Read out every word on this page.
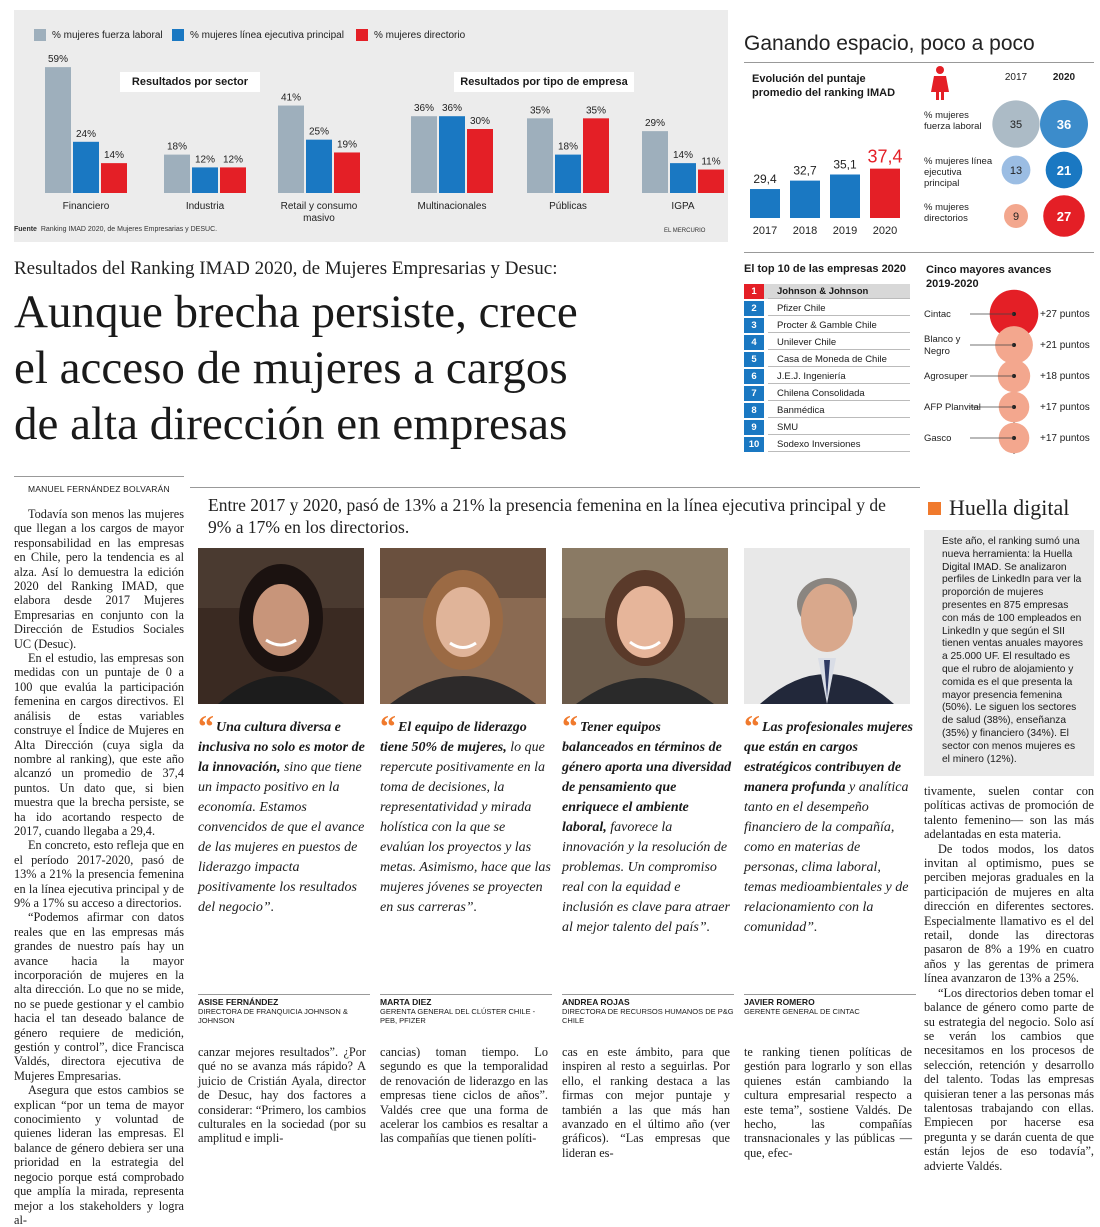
59%
24%
14%
Financiero
18%
12% 12%
Industria
41%
25%
19%
Retail y consumo
masivo
36% 36%
30%
Multinacionales
35%
18%
35%
Públicas
29%
14%
11%
IGPA
% mujeres fuerza laboral	% mujeres línea ejecutiva principal	% mujeres directorio
Resultados por sector	Resultados por tipo de empresa
Fuente Ranking IMAD 2020, de Mujeres Empresarias y DESUC.	EL MERCURIO
Ganando espacio, poco a poco
Evolución del puntaje promedio del ranking IMAD
29,4
2017
32,7
2018
35,1
2019
37,4
2020
2017	2020
35	36
% mujeres
fuerza laboral
13	21
% mujeres línea
ejecutiva
principal
9	27
% mujeres
directorios
El top 10 de las empresas 2020
1	Johnson & Johnson
2	Pfizer Chile
3	Procter & Gamble Chile
4	Unilever Chile
5	Casa de Moneda de Chile
6	J.E.J. Ingeniería
7	Chilena Consolidada
8	Banmédica
9	SMU
10	Sodexo Inversiones
Cinco mayores avances
2019-2020
Cintac	+27 puntos
Blanco y
Negro
+21 puntos
Agrosuper	+18 puntos
AFP Planvital	+17 puntos
Gasco	+17 puntos
Resultados del Ranking IMAD 2020, de Mujeres Empresarias y Desuc:
Aunque brecha persiste, crece
el acceso de mujeres a cargos
de alta dirección en empresas
MANUEL FERNÁNDEZ BOLVARÁN
Entre 2017 y 2020, pasó de 13% a 21% la presencia femenina en la línea ejecutiva principal y de 9% a 17% en los directorios.

Todavía son menos las mujeres que llegan a los cargos de mayor responsabilidad en las empresas en Chile, pero la tendencia es al alza. Así lo demuestra la edición 2020 del Ranking IMAD, que elabora desde 2017 Mujeres Empresarias en conjunto con la Dirección de Estudios Sociales UC (Desuc).

En el estudio, las empresas son medidas con un puntaje de 0 a 100 que evalúa la participación femenina en cargos directivos. El análisis de estas variables construye el Índice de Mujeres en Alta Dirección (cuya sigla da nombre al ranking), que este año alcanzó un promedio de 37,4 puntos. Un dato que, si bien muestra que la brecha persiste, se ha ido acortando respecto de 2017, cuando llegaba a 29,4.

En concreto, esto refleja que en el período 2017-2020, pasó de 13% a 21% la presencia femenina en la línea ejecutiva principal y de 9% a 17% su acceso a directorios.

“Podemos afirmar con datos reales que en las empresas más grandes de nuestro país hay un avance hacia la mayor incorporación de mujeres en la alta dirección. Lo que no se mide, no se puede gestionar y el cambio hacia el tan deseado balance de género requiere de medición, gestión y control”, dice Francisca Valdés, directora ejecutiva de Mujeres Empresarias.

Asegura que estos cambios se explican “por un tema de mayor conocimiento y voluntad de quienes lideran las empresas. El balance de género debiera ser una prioridad en la estrategia del negocio porque está comprobado que amplía la mirada, representa mejor a los stakeholders y logra al-

“ Una cultura diversa e inclusiva no solo es motor de la innovación, sino que tiene un impacto positivo en la economía. Estamos convencidos de que el avance de las mujeres en puestos de liderazgo impacta positivamente los resultados del negocio”.
“ El equipo de liderazgo tiene 50% de mujeres, lo que repercute positivamente en la toma de decisiones, la representatividad y mirada holística con la que se evalúan los proyectos y las metas. Asimismo, hace que las mujeres jóvenes se proyecten en sus carreras”.
“ Tener equipos balanceados en términos de género aporta una diversidad de pensamiento que enriquece el ambiente laboral, favorece la innovación y la resolución de problemas. Un compromiso real con la equidad e inclusión es clave para atraer al mejor talento del país”.
“ Las profesionales mujeres que están en cargos estratégicos contribuyen de manera profunda y analítica tanto en el desempeño financiero de la compañía, como en materias de personas, clima laboral, temas medioambientales y de relacionamiento con la comunidad”.
ASISE FERNÁNDEZ
DIRECTORA DE FRANQUICIA JOHNSON & JOHNSON
MARTA DIEZ
GERENTA GENERAL DEL CLÚSTER CHILE - PEB, PFIZER
ANDREA ROJAS
DIRECTORA DE RECURSOS HUMANOS DE P&G CHILE
JAVIER ROMERO
GERENTE GENERAL DE CINTAC

canzar mejores resultados”. ¿Por qué no se avanza más rápido? A juicio de Cristián Ayala, director de Desuc, hay dos factores a considerar: “Primero, los cambios culturales en la sociedad (por su amplitud e impli-

cancias) toman tiempo. Lo segundo es que la temporalidad de renovación de liderazgo en las empresas tiene ciclos de años”. Valdés cree que una forma de acelerar los cambios es resaltar a las compañías que tienen políti-

cas en este ámbito, para que inspiren al resto a seguirlas. Por ello, el ranking destaca a las firmas con mejor puntaje y también a las que más han avanzado en el último año (ver gráficos). “Las empresas que lideran es-

te ranking tienen políticas de gestión para lograrlo y son ellas quienes están cambiando la cultura empresarial respecto a este tema”, sostiene Valdés. De hecho, las compañías transnacionales y las públicas —que, efec-

Huella digital
Este año, el ranking sumó una nueva herramienta: la Huella Digital IMAD. Se analizaron perfiles de LinkedIn para ver la proporción de mujeres presentes en 875 empresas con más de 100 empleados en LinkedIn y que según el SII tienen ventas anuales mayores a 25.000 UF. El resultado es que el rubro de alojamiento y comida es el que presenta la mayor presencia femenina (50%). Le siguen los sectores de salud (38%), enseñanza (35%) y financiero (34%). El sector con menos mujeres es el minero (12%).

tivamente, suelen contar con políticas activas de promoción de talento femenino— son las más adelantadas en esta materia.

De todos modos, los datos invitan al optimismo, pues se perciben mejoras graduales en la participación de mujeres en alta dirección en diferentes sectores. Especialmente llamativo es el del retail, donde las directoras pasaron de 8% a 19% en cuatro años y las gerentas de primera línea avanzaron de 13% a 25%.

“Los directorios deben tomar el balance de género como parte de su estrategia del negocio. Solo así se verán los cambios que necesitamos en los procesos de selección, retención y desarrollo del talento. Todas las empresas quisieran tener a las personas más talentosas trabajando con ellas. Empiecen por hacerse esa pregunta y se darán cuenta de que están lejos de eso todavía”, advierte Valdés.
